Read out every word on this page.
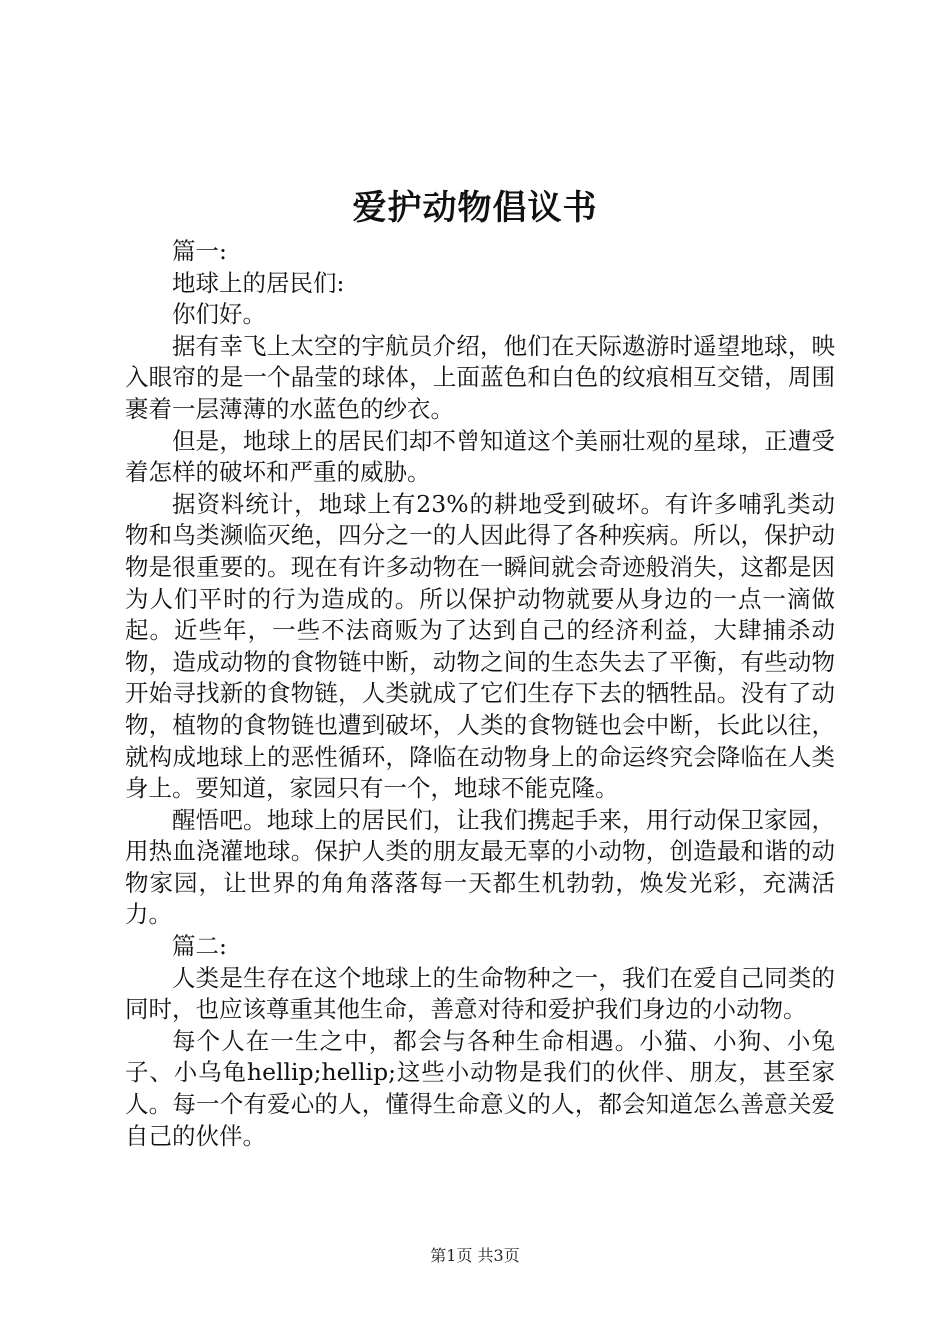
爱护动物倡议书

篇一:

地球上的居民们:

你们好。

据有幸飞上太空的宇航员介绍，他们在天际遨游时遥望地球，映入眼帘的是一个晶莹的球体，上面蓝色和白色的纹痕相互交错，周围裹着一层薄薄的水蓝色的纱衣。

但是，地球上的居民们却不曾知道这个美丽壮观的星球，正遭受着怎样的破坏和严重的威胁。

据资料统计，地球上有23%的耕地受到破坏。有许多哺乳类动物和鸟类濒临灭绝，四分之一的人因此得了各种疾病。所以，保护动物是很重要的。现在有许多动物在一瞬间就会奇迹般消失，这都是因为人们平时的行为造成的。所以保护动物就要从身边的一点一滴做起。近些年，一些不法商贩为了达到自己的经济利益，大肆捕杀动物，造成动物的食物链中断，动物之间的生态失去了平衡，有些动物开始寻找新的食物链，人类就成了它们生存下去的牺牲品。没有了动物，植物的食物链也遭到破坏，人类的食物链也会中断，长此以往，就构成地球上的恶性循环，降临在动物身上的命运终究会降临在人类身上。要知道，家园只有一个，地球不能克隆。

醒悟吧。地球上的居民们，让我们携起手来，用行动保卫家园，用热血浇灌地球。保护人类的朋友最无辜的小动物，创造最和谐的动物家园，让世界的角角落落每一天都生机勃勃，焕发光彩，充满活力。

篇二:

人类是生存在这个地球上的生命物种之一，我们在爱自己同类的同时，也应该尊重其他生命，善意对待和爱护我们身边的小动物。

每个人在一生之中，都会与各种生命相遇。小猫、小狗、小兔子、小乌龟hellip;hellip;这些小动物是我们的伙伴、朋友，甚至家人。每一个有爱心的人，懂得生命意义的人，都会知道怎么善意关爱自己的伙伴。

第1页 共3页
